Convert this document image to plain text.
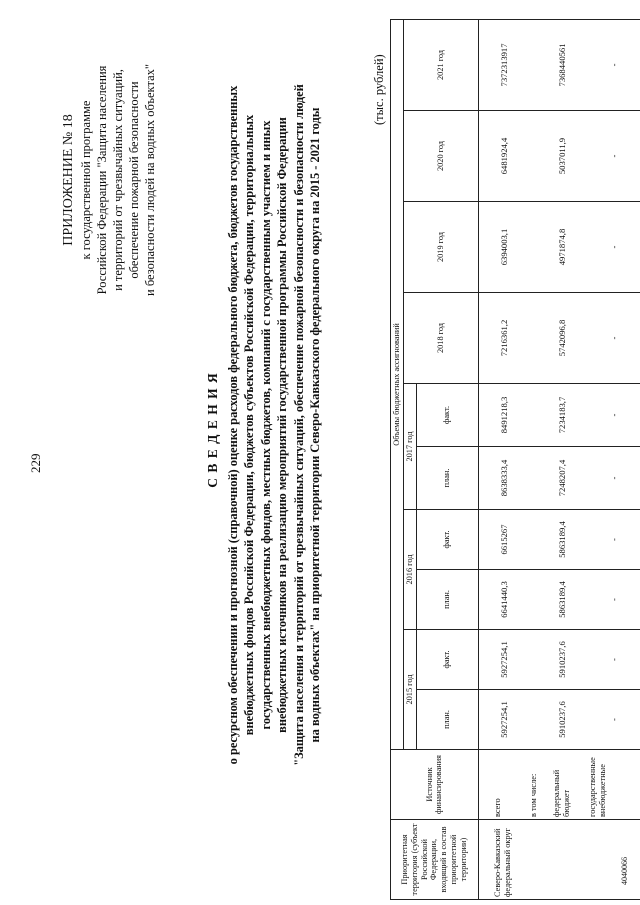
229
ПРИЛОЖЕНИЕ № 18 к государственной программе Российской Федерации "Защита населения и территорий от чрезвычайных ситуаций, обеспечение пожарной безопасности и безопасности людей на водных объектах"
С В Е Д Е Н И Я о ресурсном обеспечении и прогнозной (справочной) оценке расходов федерального бюджета, бюджетов государственных внебюджетных фондов Российской Федерации, бюджетов субъектов Российской Федерации, территориальных государственных внебюджетных фондов, местных бюджетов, компаний с государственным участием и иных внебюджетных источников на реализацию мероприятий государственной программы Российской Федерации "Защита населения и территорий от чрезвычайных ситуаций, обеспечение пожарной безопасности и безопасности людей на водных объектах" на приоритетной территории Северо-Кавказского федерального округа на 2015 - 2021 годы
(тыс. рублей)
Приоритетная территория (субъект Российской Федерации, входящий в состав приоритетной территории)	Источник финансирования	Объемы бюджетных ассигнований									
		2015 год		2016 год		2017 год		2018 год	2019 год	2020 год	2021 год
		план.	факт.	план.	факт.	план.	факт.				
Северо-Кавказский федеральный округ	всего	5927254,1	5927254,1	6641440,3	6615267	8638333,4	8491218,3	7216361,2	6394003,1	6481924,4	7372313917
	в том числе:										
	федеральный бюджет	5910237,6	5910237,6	5863189,4	5863189,4	7248207,4	7234183,7	5742096,8	4971874,8	5037011,9	7368440561
	государственные внебюджетные	-	-	-	-	-	-	-	-	-	-
4040066
